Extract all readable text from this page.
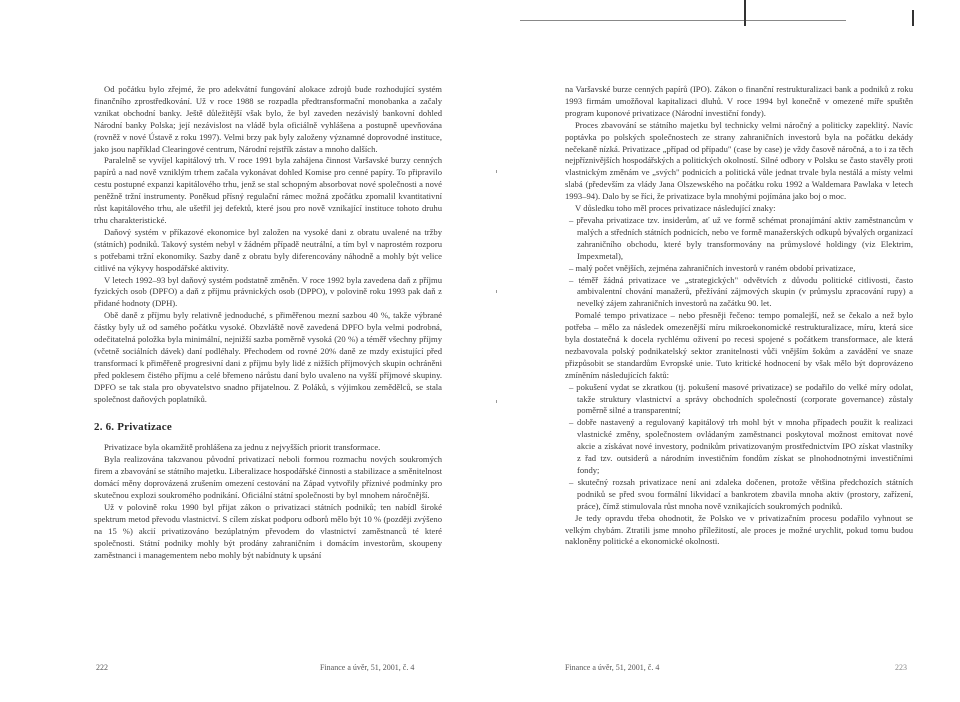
Od počátku bylo zřejmé, že pro adekvátní fungování alokace zdrojů bude rozhodující systém finančního zprostředkování. Už v roce 1988 se rozpadla předtransformační monobanka a začaly vznikat obchodní banky. Ještě důležitější však bylo, že byl zaveden nezávislý bankovní dohled Národní banky Polska; její nezávislost na vládě byla oficiálně vyhlášena a postupně upevňována (rovněž v nové Ústavě z roku 1997). Velmi brzy pak byly založeny významné doprovodné instituce, jako jsou například Clearingové centrum, Národní rejstřík zástav a mnoho dalších.

Paralelně se vyvíjel kapitálový trh. V roce 1991 byla zahájena činnost Varšavské burzy cenných papírů a nad nově vzniklým trhem začala vykonávat dohled Komise pro cenné papíry. To připravilo cestu postupné expanzi kapitálového trhu, jenž se stal schopným absorbovat nové společnosti a nové peněžně tržní instrumenty. Poněkud přísný regulační rámec možná zpočátku zpomalil kvantitativní růst kapitálového trhu, ale ušetřil jej defektů, které jsou pro nově vznikající instituce tohoto druhu trhu charakteristické.

Daňový systém v příkazové ekonomice byl založen na vysoké dani z obratu uvalené na tržby (státních) podniků. Takový systém nebyl v žádném případě neutrální, a tím byl v naprostém rozporu s potřebami tržní ekonomiky. Sazby daně z obratu byly diferencovány náhodně a mohly být velice citlivé na výkyvy hospodářské aktivity.

V letech 1992–93 byl daňový systém podstatně změněn. V roce 1992 byla zavedena daň z příjmu fyzických osob (DPFO) a daň z příjmu právnických osob (DPPO), v polovině roku 1993 pak daň z přidané hodnoty (DPH).

Obě daně z příjmu byly relativně jednoduché, s přiměřenou mezní sazbou 40 %, takže výbrané částky byly už od samého počátku vysoké. Obzvláště nově zavedená DPFO byla velmi podrobná, odečitatelná položka byla minimální, nejnižší sazba poměrně vysoká (20 %) a téměř všechny příjmy (včetně sociálních dávek) daní podléhaly. Přechodem od rovné 20% daně ze mzdy existující před transformací k přiměřeně progresivní dani z příjmu byly lidé z nižších příjmových skupin ochráněni před poklesem čistého příjmu a celé břemeno nárůstu daní bylo uvaleno na vyšší příjmové skupiny. DPFO se tak stala pro obyvatelstvo snadno přijatelnou. Z Poláků, s výjimkou zemědělců, se stala společnost daňových poplatníků.

2. 6. Privatizace

Privatizace byla okamžitě prohlášena za jednu z nejvyšších priorit transformace.

Byla realizována takzvanou původní privatizací neboli formou rozmachu nových soukromých firem a zbavování se státního majetku. Liberalizace hospodářské činnosti a stabilizace a směnitelnost domácí měny doprovázená zrušením omezení cestování na Západ vytvořily příznivé podmínky pro skutečnou explozi soukromého podnikání. Oficiální státní společnosti by byl mnohem náročnější.

Už v polovině roku 1990 byl přijat zákon o privatizaci státních podniků; ten nabídl široké spektrum metod převodu vlastnictví. S cílem získat podporu odborů mělo být 10 % (později zvýšeno na 15 %) akcií privatizováno bezúplatným převodem do vlastnictví zaměstnanců té které společnosti. Státní podniky mohly být prodány zahraničním i domácím investorům, skoupeny zaměstnanci i managementem nebo mohly být nabídnuty k upsání

na Varšavské burze cenných papírů (IPO). Zákon o finanční restrukturalizaci bank a podniků z roku 1993 firmám umožňoval kapitalizaci dluhů. V roce 1994 byl konečně v omezené míře spuštěn program kuponové privatizace (Národní investiční fondy).

Proces zbavování se státního majetku byl technicky velmi náročný a politicky zapeklitý. Navíc poptávka po polských společnostech ze strany zahraničních investorů byla na počátku dekády nečekaně nízká. Privatizace „případ od případu" (case by case) je vždy časově náročná, a to i za těch nejpříznivějších hospodářských a politických okolností. Silné odbory v Polsku se často stavěly proti vlastnickým změnám ve „svých" podnicích a politická vůle jednat trvale byla nestálá a místy velmi slabá (především za vlády Jana Olszewského na počátku roku 1992 a Waldemara Pawlaka v letech 1993–94). Dalo by se říci, že privatizace byla mnohými pojímána jako boj o moc.

V důsledku toho měl proces privatizace následující znaky:

– převaha privatizace tzv. insiderům, ať už ve formě schémat pronajímání aktiv zaměstnancům v malých a středních státních podnicích, nebo ve formě manažerských odkupů bývalých organizací zahraničního obchodu, které byly transformovány na průmyslové holdingy (viz Elektrim, Impexmetal),
– malý počet vnějších, zejména zahraničních investorů v raném období privatizace,
– téměř žádná privatizace ve „strategických" odvětvích z důvodu politické citlivosti, často ambivalentní chování manažerů, přežívání zájmových skupin (v průmyslu zpracování rupy) a nevelký zájem zahraničních investorů na začátku 90. let.

Pomalé tempo privatizace – nebo přesněji řečeno: tempo pomalejší, než se čekalo a než bylo potřeba – mělo za následek omezenější míru mikroekonomické restrukturalizace, míru, která sice byla dostatečná k docela rychlému oživení po recesi spojené s počátkem transformace, ale která nezbavovala polský podnikatelský sektor zranitelnosti vůči vnějším šokům a zavádění ve snaze přizpůsobit se standardům Evropské unie. Tuto kritické hodnocení by však mělo být doprovázeno zmíněním následujících faktů:

– pokušení vydat se zkratkou (tj. pokušení masové privatizace) se podařilo do velké míry odolat, takže struktury vlastnictví a správy obchodních společností (corporate governance) zůstaly poměrně silné a transparentní;
– dobře nastavený a regulovaný kapitálový trh mohl být v mnoha případech použit k realizaci vlastnické změny, společnostem ovládaným zaměstnanci poskytoval možnost emitovat nové akcie a získávat nové investory, podnikům privatizovaným prostřednictvím IPO získat vlastníky z řad tzv. outsiderů a národním investičním fondům získat se plnohodnotnými investičními fondy;
– skutečný rozsah privatizace není ani zdaleka dočenen, protože většina předchozích státních podniků se před svou formální likvidací a bankrotem zbavila mnoha aktiv (prostory, zařízení, práce), čímž stimulovala růst mnoha nově vznikajících soukromých podniků.

Je tedy opravdu třeba ohodnotit, že Polsko ve v privatizačním procesu podařilo vyhnout se velkým chybám. Ztratili jsme mnoho příležitostí, ale proces je možné urychlit, pokud tomu budou nakloněny politické a ekonomické okolnosti.

222	Finance a úvěr, 51, 2001, č. 4	Finance a úvěr, 51, 2001, č. 4	223
